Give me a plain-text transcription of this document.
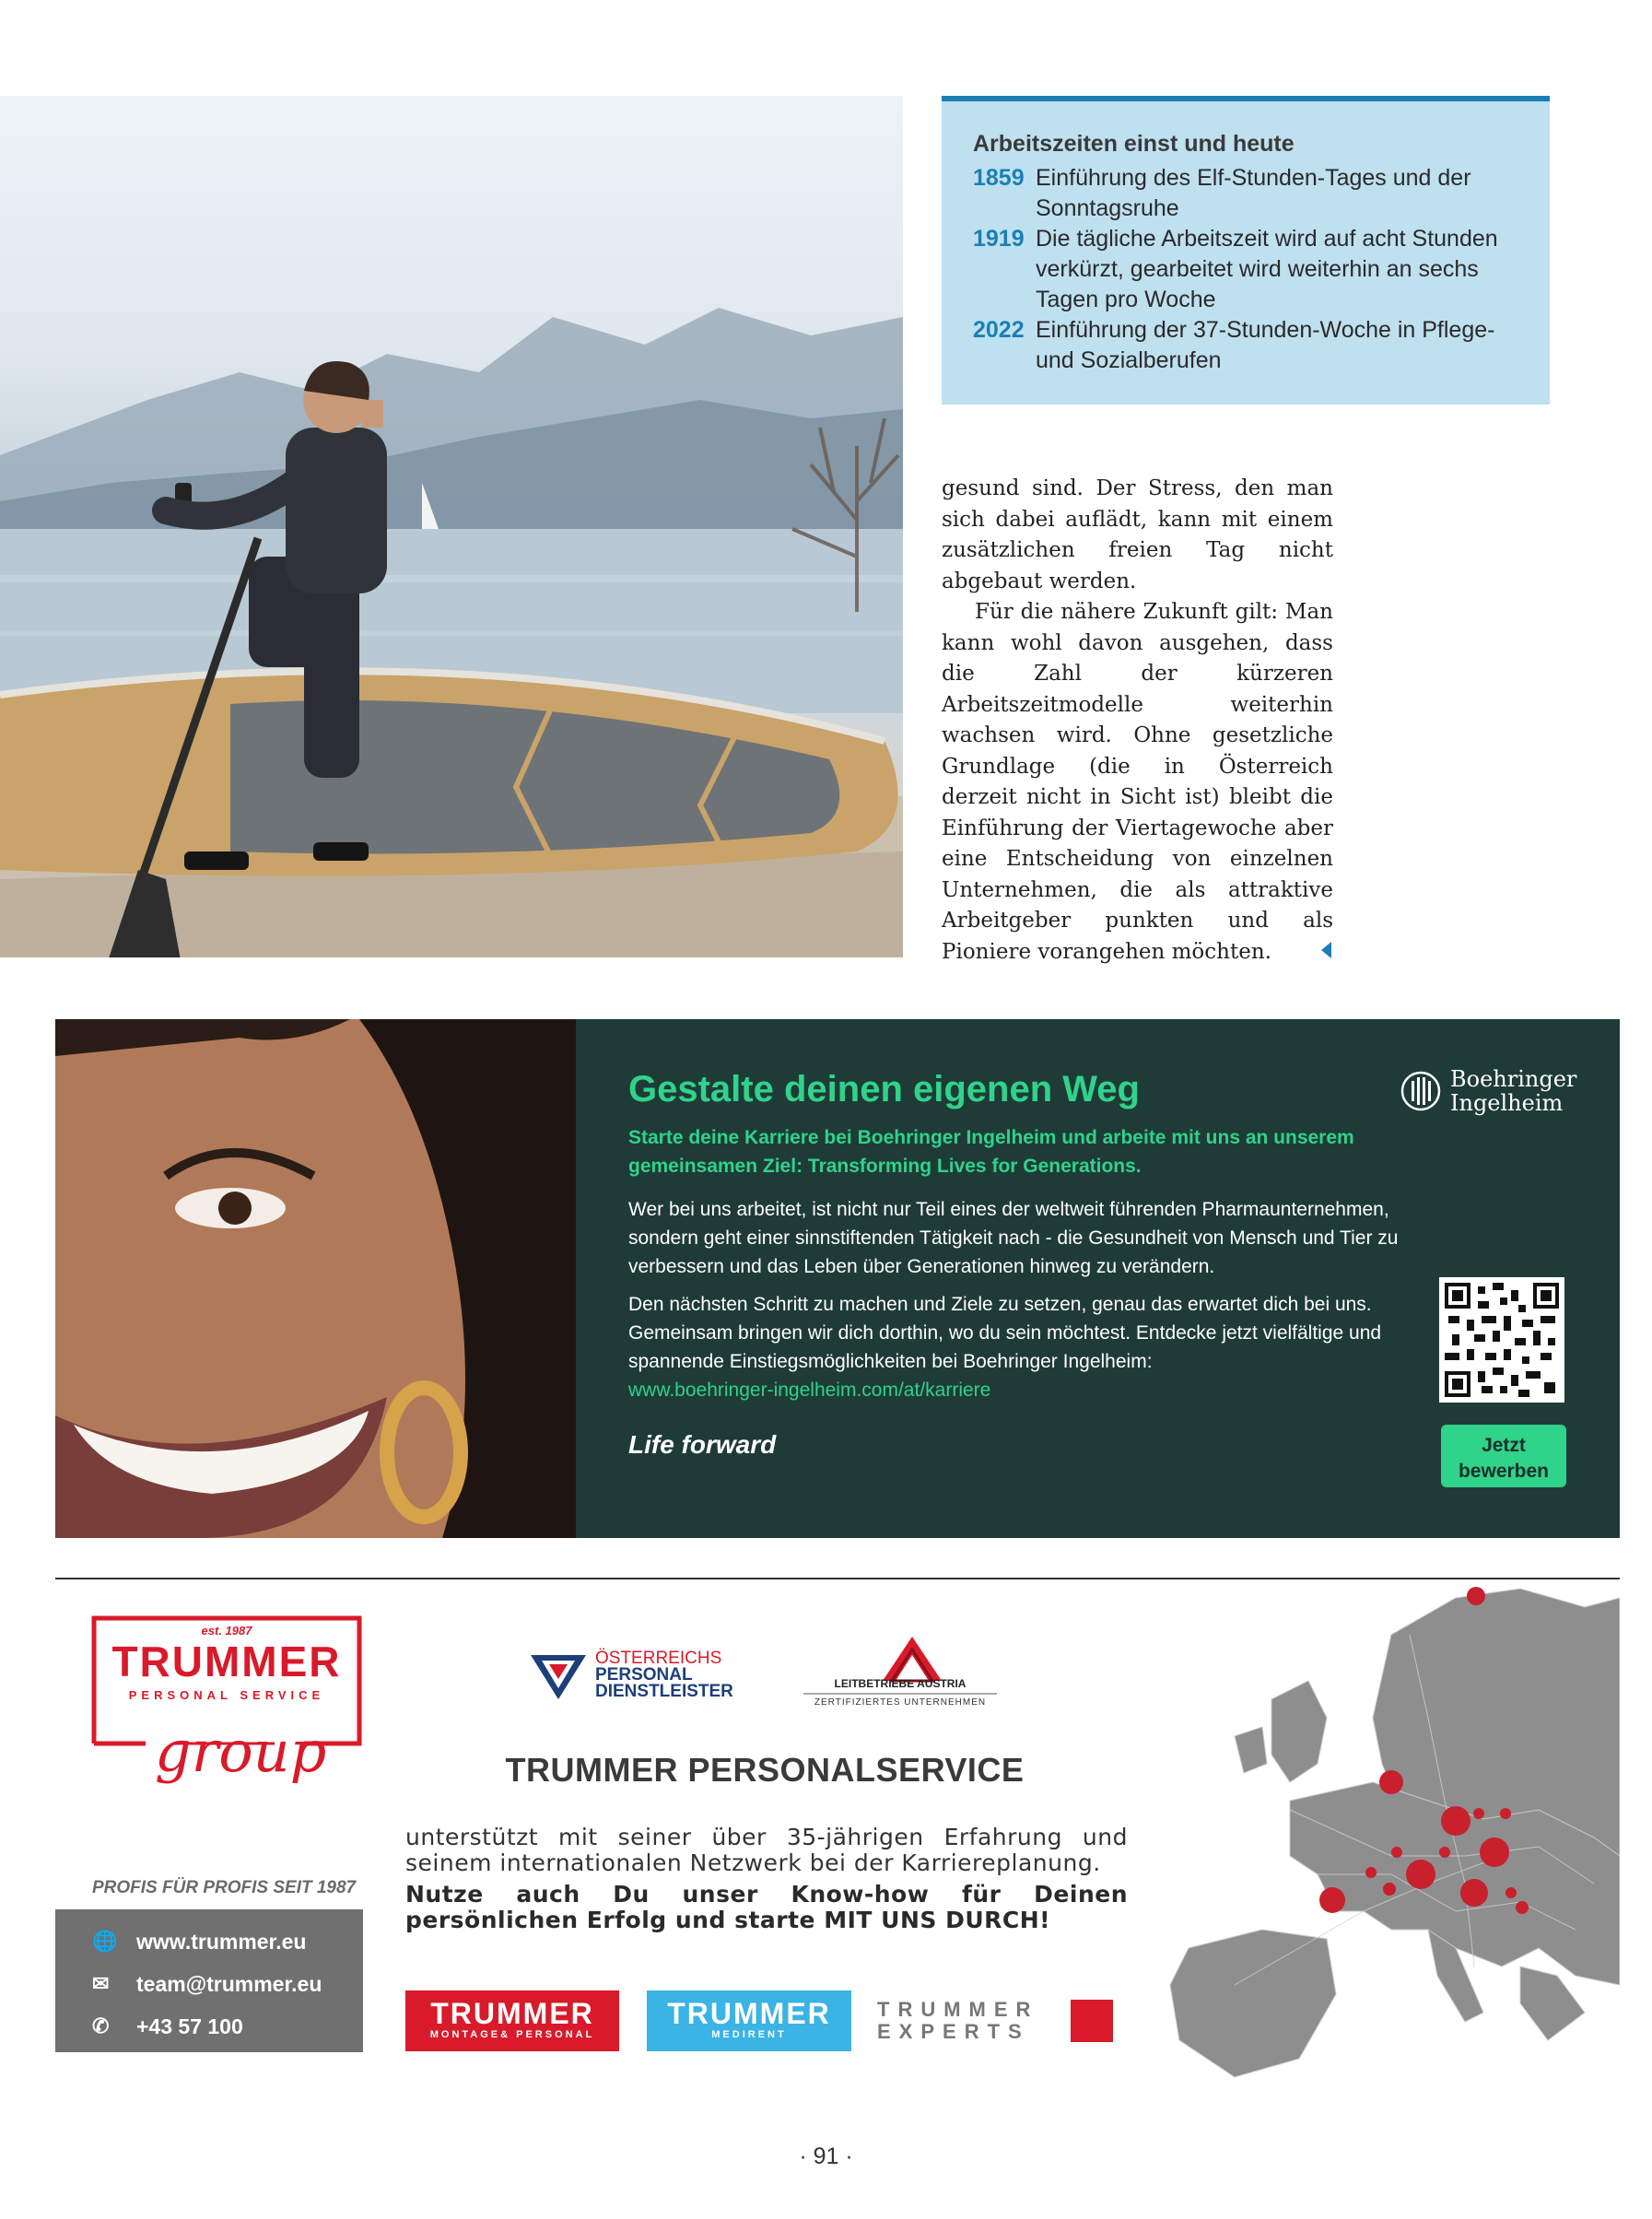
Arbeitszeiten einst und heute
1859 Einführung des Elf-Stunden-Tages und der Sonntagsruhe
1919 Die tägliche Arbeitszeit wird auf acht Stunden verkürzt, gearbeitet wird weiterhin an sechs Tagen pro Woche
2022 Einführung der 37-Stunden-Woche in Pflege- und Sozialberufen

gesund sind. Der Stress, den man sich dabei auflädt, kann mit einem zusätzlichen freien Tag nicht abgebaut werden.

Für die nähere Zukunft gilt: Man kann wohl davon ausgehen, dass die Zahl der kürzeren Arbeitszeitmodelle weiterhin wachsen wird. Ohne gesetzliche Grundlage (die in Österreich derzeit nicht in Sicht ist) bleibt die Einführung der Viertagewoche aber eine Entscheidung von einzelnen Unternehmen, die als attraktive Arbeitgeber punkten und als Pioniere vorangehen möchten.

Gestalte deinen eigenen Weg
Starte deine Karriere bei Boehringer Ingelheim und arbeite mit uns an unserem gemeinsamen Ziel: Transforming Lives for Generations.
Wer bei uns arbeitet, ist nicht nur Teil eines der weltweit führenden Pharmaunternehmen, sondern geht einer sinnstiftenden Tätigkeit nach - die Gesundheit von Mensch und Tier zu verbessern und das Leben über Generationen hinweg zu verändern.
Den nächsten Schritt zu machen und Ziele zu setzen, genau das erwartet dich bei uns. Gemeinsam bringen wir dich dorthin, wo du sein möchtest. Entdecke jetzt vielfältige und spannende Einstiegsmöglichkeiten bei Boehringer Ingelheim:
www.boehringer-ingelheim.com/at/karriere
Life forward
Boehringer
Ingelheim
Jetzt bewerben
est. 1987
TRUMMER
PERSONAL SERVICE
group
PROFIS FÜR PROFIS SEIT 1987
🌐 www.trummer.eu
✉	team@trummer.eu
✆	+43 57 100
ÖSTERREICHS
PERSONAL
DIENSTLEISTER	LEITBETRIEBE AUSTRIA
ZERTIFIZIERTES UNTERNEHMEN
TRUMMER PERSONALSERVICE
unterstützt mit seiner über 35-jährigen Erfahrung und seinem internationalen Netzwerk bei der Karriereplanung.

Nutze auch Du unser Know-how für Deinen persönlichen Erfolg und starte MIT UNS DURCH!
TRUMMER
MONTAGE& PERSONAL
TRUMMER
MEDIRENT
TRUMMER
EXPERTS
· 91 ·
